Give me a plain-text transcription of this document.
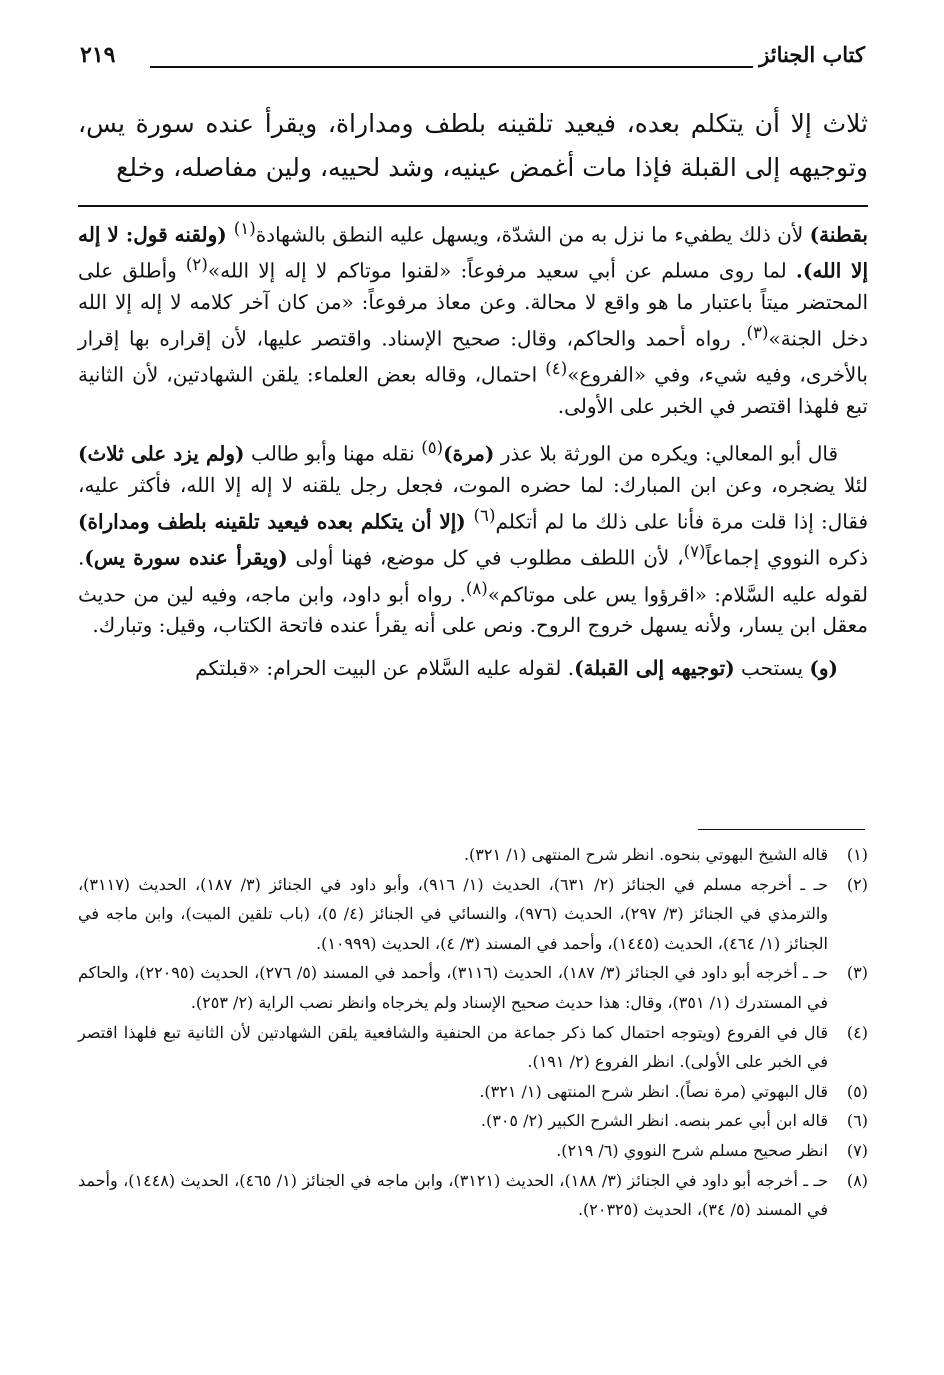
كتاب الجنائز
٢١٩

ثلاث إلا أن يتكلم بعده، فيعيد تلقينه بلطف ومداراة، ويقرأ عنده سورة يس، وتوجيهه إلى القبلة فإذا مات أغمض عينيه، وشد لحييه، ولين مفاصله، وخلع

بقطنة) لأن ذلك يطفيء ما نزل به من الشدّة، ويسهل عليه النطق بالشهادة$^{(١)}$ (ولقنه قول: لا إله إلا الله). لما روى مسلم عن أبي سعيد مرفوعاً: «لقنوا موتاكم لا إله إلا الله»$^{(٢)}$ وأطلق على المحتضر ميتاً باعتبار ما هو واقع لا محالة. وعن معاذ مرفوعاً: «من كان آخر كلامه لا إله إلا الله دخل الجنة»$^{(٣)}$. رواه أحمد والحاكم، وقال: صحيح الإسناد. واقتصر عليها، لأن إقراره بها إقرار بالأخرى، وفيه شيء، وفي «الفروع»$^{(٤)}$ احتمال، وقاله بعض العلماء: يلقن الشهادتين، لأن الثانية تبع فلهذا اقتصر في الخبر على الأولى.

قال أبو المعالي: ويكره من الورثة بلا عذر (مرة)$^{(٥)}$ نقله مهنا وأبو طالب (ولم يزد على ثلاث) لئلا يضجره، وعن ابن المبارك: لما حضره الموت، فجعل رجل يلقنه لا إله إلا الله، فأكثر عليه، فقال: إذا قلت مرة فأنا على ذلك ما لم أتكلم$^{(٦)}$ (إلا أن يتكلم بعده فيعيد تلقينه بلطف ومداراة) ذكره النووي إجماعاً$^{(٧)}$، لأن اللطف مطلوب في كل موضع، فهنا أولى (ويقرأ عنده سورة يس). لقوله عليه السَّلام: «اقرؤوا يس على موتاكم»$^{(٨)}$. رواه أبو داود، وابن ماجه، وفيه لين من حديث معقل ابن يسار، ولأنه يسهل خروج الروح. ونص على أنه يقرأ عنده فاتحة الكتاب، وقيل: وتبارك.

(و) يستحب (توجيهه إلى القبلة). لقوله عليه السَّلام عن البيت الحرام: «قبلتكم

(١)
قاله الشيخ البهوتي بنحوه. انظر شرح المنتهى (١/ ٣٢١).
(٢)
حـ ـ أخرجه مسلم في الجنائز (٢/ ٦٣١)، الحديث (١/ ٩١٦)، وأبو داود في الجنائز (٣/ ١٨٧)، الحديث (٣١١٧)، والترمذي في الجنائز (٣/ ٢٩٧)، الحديث (٩٧٦)، والنسائي في الجنائز (٤/ ٥)، (باب تلقين الميت)، وابن ماجه في الجنائز (١/ ٤٦٤)، الحديث (١٤٤٥)، وأحمد في المسند (٣/ ٤)، الحديث (١٠٩٩٩).
(٣)
حـ ـ أخرجه أبو داود في الجنائز (٣/ ١٨٧)، الحديث (٣١١٦)، وأحمد في المسند (٥/ ٢٧٦)، الحديث (٢٢٠٩٥)، والحاكم في المستدرك (١/ ٣٥١)، وقال: هذا حديث صحيح الإسناد ولم يخرجاه وانظر نصب الراية (٢/ ٢٥٣).
(٤)
قال في الفروع (ويتوجه احتمال كما ذكر جماعة من الحنفية والشافعية يلقن الشهادتين لأن الثانية تبع فلهذا اقتصر في الخبر على الأولى). انظر الفروع (٢/ ١٩١).
(٥)
قال البهوتي (مرة نصاً). انظر شرح المنتهى (١/ ٣٢١).
(٦)
قاله ابن أبي عمر بنصه. انظر الشرح الكبير (٢/ ٣٠٥).
(٧)
انظر صحيح مسلم شرح النووي (٦/ ٢١٩).
(٨)
حـ ـ أخرجه أبو داود في الجنائز (٣/ ١٨٨)، الحديث (٣١٢١)، وابن ماجه في الجنائز (١/ ٤٦٥)، الحديث (١٤٤٨)، وأحمد في المسند (٥/ ٣٤)، الحديث (٢٠٣٢٥).
